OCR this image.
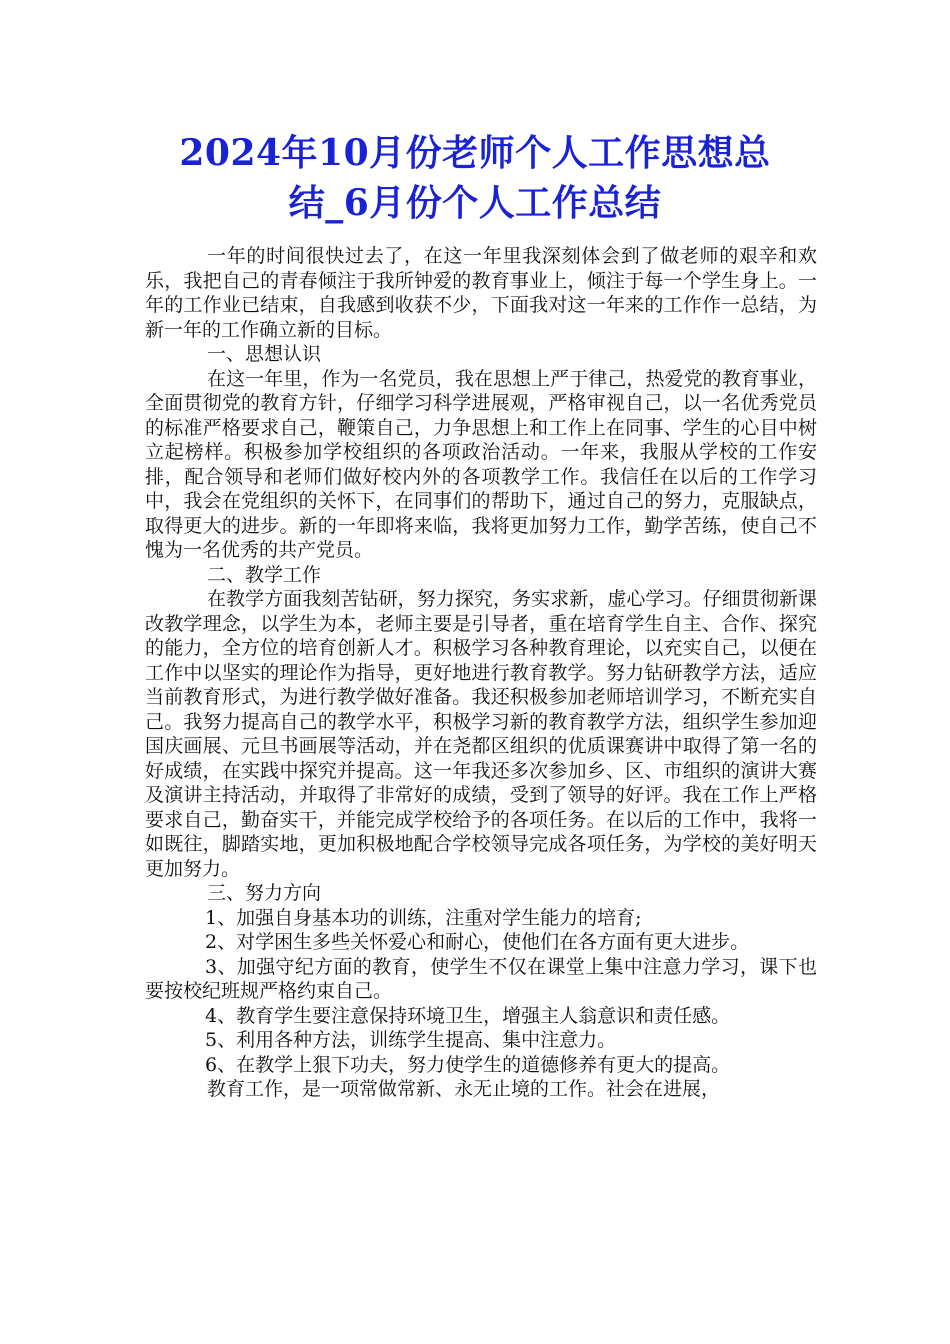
2024年10月份老师个人工作思想总
结_6月份个人工作总结

一年的时间很快过去了，在这一年里我深刻体会到了做老师的艰辛和欢乐，我把自己的青春倾注于我所钟爱的教育事业上，倾注于每一个学生身上。一年的工作业已结束，自我感到收获不少，下面我对这一年来的工作作一总结，为新一年的工作确立新的目标。

一、思想认识

在这一年里，作为一名党员，我在思想上严于律己，热爱党的教育事业，全面贯彻党的教育方针，仔细学习科学进展观，严格审视自己，以一名优秀党员的标准严格要求自己，鞭策自己，力争思想上和工作上在同事、学生的心目中树立起榜样。积极参加学校组织的各项政治活动。一年来，我服从学校的工作安排，配合领导和老师们做好校内外的各项教学工作。我信任在以后的工作学习中，我会在党组织的关怀下，在同事们的帮助下，通过自己的努力，克服缺点，取得更大的进步。新的一年即将来临，我将更加努力工作，勤学苦练，使自己不愧为一名优秀的共产党员。

二、教学工作

在教学方面我刻苦钻研，努力探究，务实求新，虚心学习。仔细贯彻新课改教学理念，以学生为本，老师主要是引导者，重在培育学生自主、合作、探究的能力，全方位的培育创新人才。积极学习各种教育理论，以充实自己，以便在工作中以坚实的理论作为指导，更好地进行教育教学。努力钻研教学方法，适应当前教育形式，为进行教学做好准备。我还积极参加老师培训学习，不断充实自己。我努力提高自己的教学水平，积极学习新的教育教学方法，组织学生参加迎国庆画展、元旦书画展等活动，并在尧都区组织的优质课赛讲中取得了第一名的好成绩，在实践中探究并提高。这一年我还多次参加乡、区、市组织的演讲大赛及演讲主持活动，并取得了非常好的成绩，受到了领导的好评。我在工作上严格要求自己，勤奋实干，并能完成学校给予的各项任务。在以后的工作中，我将一如既往，脚踏实地，更加积极地配合学校领导完成各项任务，为学校的美好明天更加努力。

三、努力方向

1、加强自身基本功的训练，注重对学生能力的培育;

2、对学困生多些关怀爱心和耐心，使他们在各方面有更大进步。

3、加强守纪方面的教育，使学生不仅在课堂上集中注意力学习，课下也要按校纪班规严格约束自己。

4、教育学生要注意保持环境卫生，增强主人翁意识和责任感。

5、利用各种方法，训练学生提高、集中注意力。

6、在教学上狠下功夫，努力使学生的道德修养有更大的提高。

教育工作，是一项常做常新、永无止境的工作。社会在进展，
